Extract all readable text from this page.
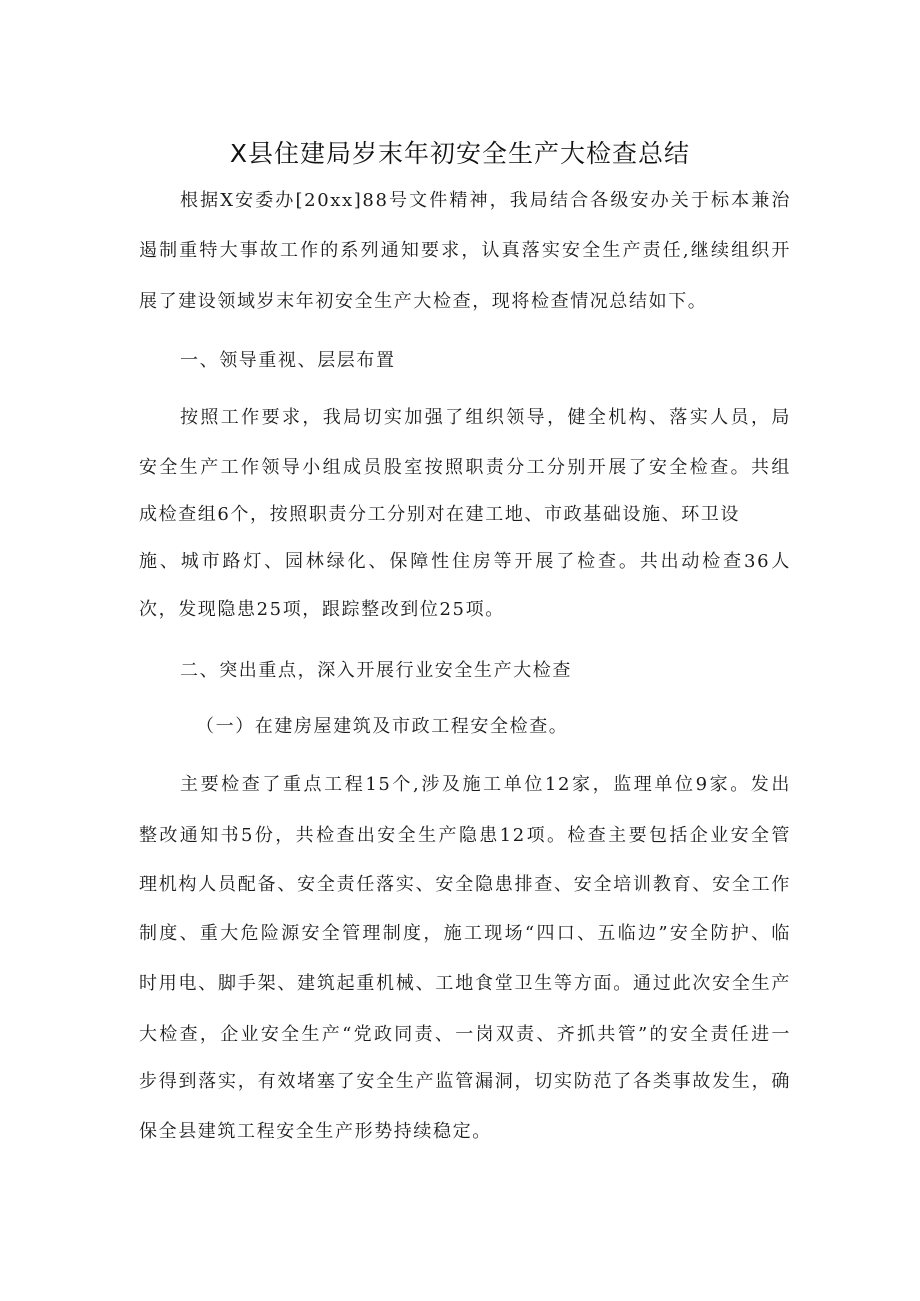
X县住建局岁末年初安全生产大检查总结
根据X安委办[20xx]88号文件精神，我局结合各级安办关于标本兼治
遏制重特大事故工作的系列通知要求，认真落实安全生产责任,继续组织开
展了建设领域岁末年初安全生产大检查，现将检查情况总结如下。
一、领导重视、层层布置
按照工作要求，我局切实加强了组织领导，健全机构、落实人员，局
安全生产工作领导小组成员股室按照职责分工分别开展了安全检查。共组
成检查组6个，按照职责分工分别对在建工地、市政基础设施、环卫设
施、城市路灯、园林绿化、保障性住房等开展了检查。共出动检查36人
次，发现隐患25项，跟踪整改到位25项。
二、突出重点，深入开展行业安全生产大检查
（一）在建房屋建筑及市政工程安全检查。
主要检查了重点工程15个,涉及施工单位12家，监理单位9家。发出
整改通知书5份，共检查出安全生产隐患12项。检查主要包括企业安全管
理机构人员配备、安全责任落实、安全隐患排查、安全培训教育、安全工作
制度、重大危险源安全管理制度，施工现场“四口、五临边”安全防护、临
时用电、脚手架、建筑起重机械、工地食堂卫生等方面。通过此次安全生产
大检查，企业安全生产“党政同责、一岗双责、齐抓共管”的安全责任进一
步得到落实，有效堵塞了安全生产监管漏洞，切实防范了各类事故发生，确
保全县建筑工程安全生产形势持续稳定。
